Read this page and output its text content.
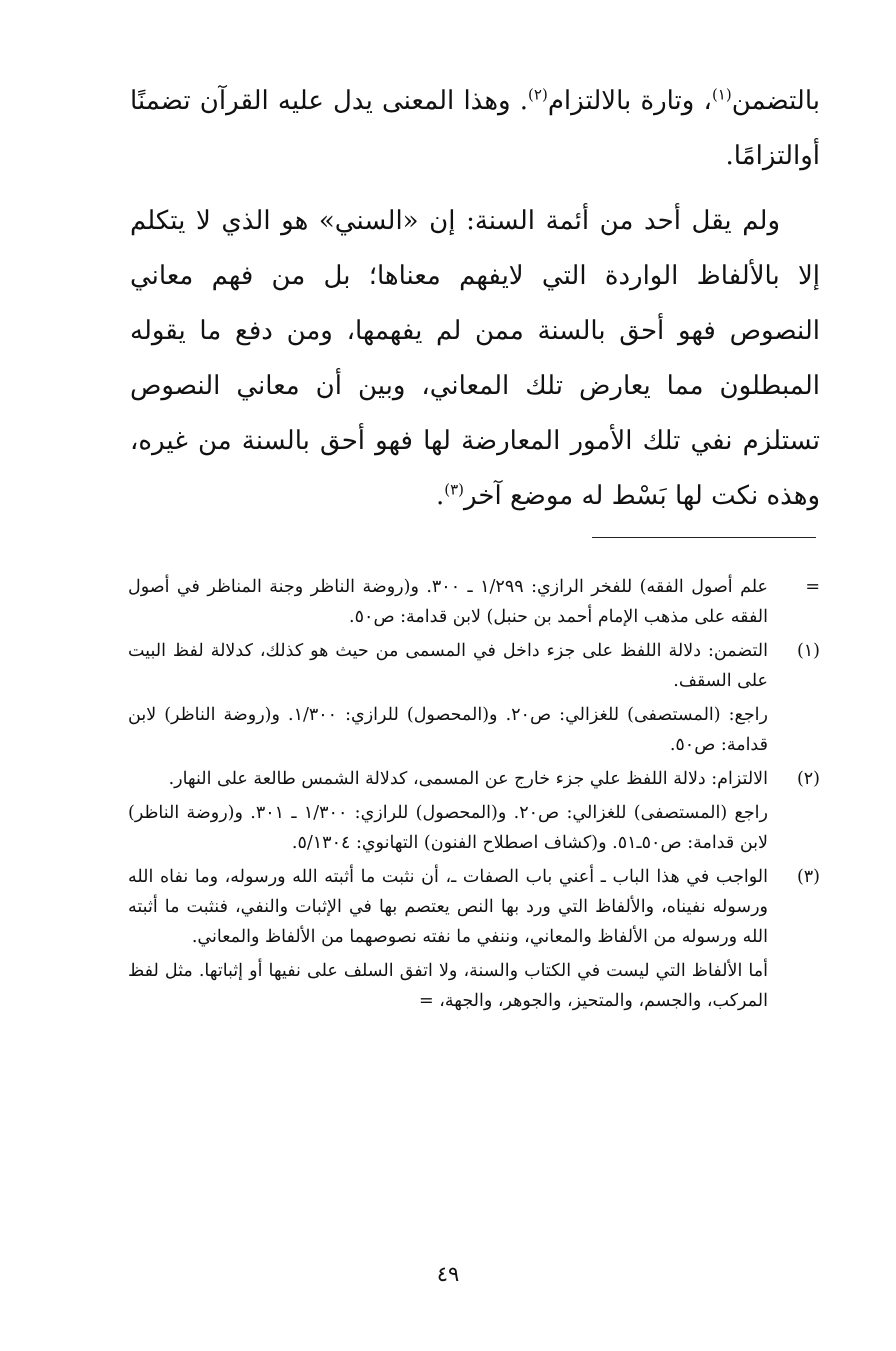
بالتضمن$^{(١)}$، وتارة بالالتزام$^{(٢)}$. وهذا المعنى يدل عليه القرآن تضمنًا أوالتزامًا.

ولم يقل أحد من أئمة السنة: إن «السني» هو الذي لا يتكلم إلا بالألفاظ الواردة التي لايفهم معناها؛ بل من فهم معاني النصوص فهو أحق بالسنة ممن لم يفهمها، ومن دفع ما يقوله المبطلون مما يعارض تلك المعاني، وبين أن معاني النصوص تستلزم نفي تلك الأمور المعارضة لها فهو أحق بالسنة من غيره، وهذه نكت لها بَسْط له موضع آخر$^{(٣)}$.

=

علم أصول الفقه) للفخر الرازي: ١/٢٩٩ ـ ٣٠٠. و(روضة الناظر وجنة المناظر في أصول الفقه على مذهب الإمام أحمد بن حنبل) لابن قدامة: ص٥٠.

(١)

التضمن: دلالة اللفظ على جزء داخل في المسمى من حيث هو كذلك، كدلالة لفظ البيت على السقف.

راجع: (المستصفى) للغزالي: ص٢٠. و(المحصول) للرازي: ١/٣٠٠. و(روضة الناظر) لابن قدامة: ص٥٠.

(٢)

الالتزام: دلالة اللفظ علي جزء خارج عن المسمى، كدلالة الشمس طالعة على النهار.

راجع (المستصفى) للغزالي: ص٢٠. و(المحصول) للرازي: ١/٣٠٠ ـ ٣٠١. و(روضة الناظر) لابن قدامة: ص٥٠ـ٥١. و(كشاف اصطلاح الفنون) التهانوي: ٥/١٣٠٤.

(٣)

الواجب في هذا الباب ـ أعني باب الصفات ـ، أن نثبت ما أثبته الله ورسوله، وما نفاه الله ورسوله نفيناه، والألفاظ التي ورد بها النص يعتصم بها في الإثبات والنفي، فنثبت ما أثبته الله ورسوله من الألفاظ والمعاني، وننفي ما نفته نصوصهما من الألفاظ والمعاني.

أما الألفاظ التي ليست في الكتاب والسنة، ولا اتفق السلف على نفيها أو إثباتها. مثل لفظ المركب، والجسم، والمتحيز، والجوهر، والجهة، =

٤٩
